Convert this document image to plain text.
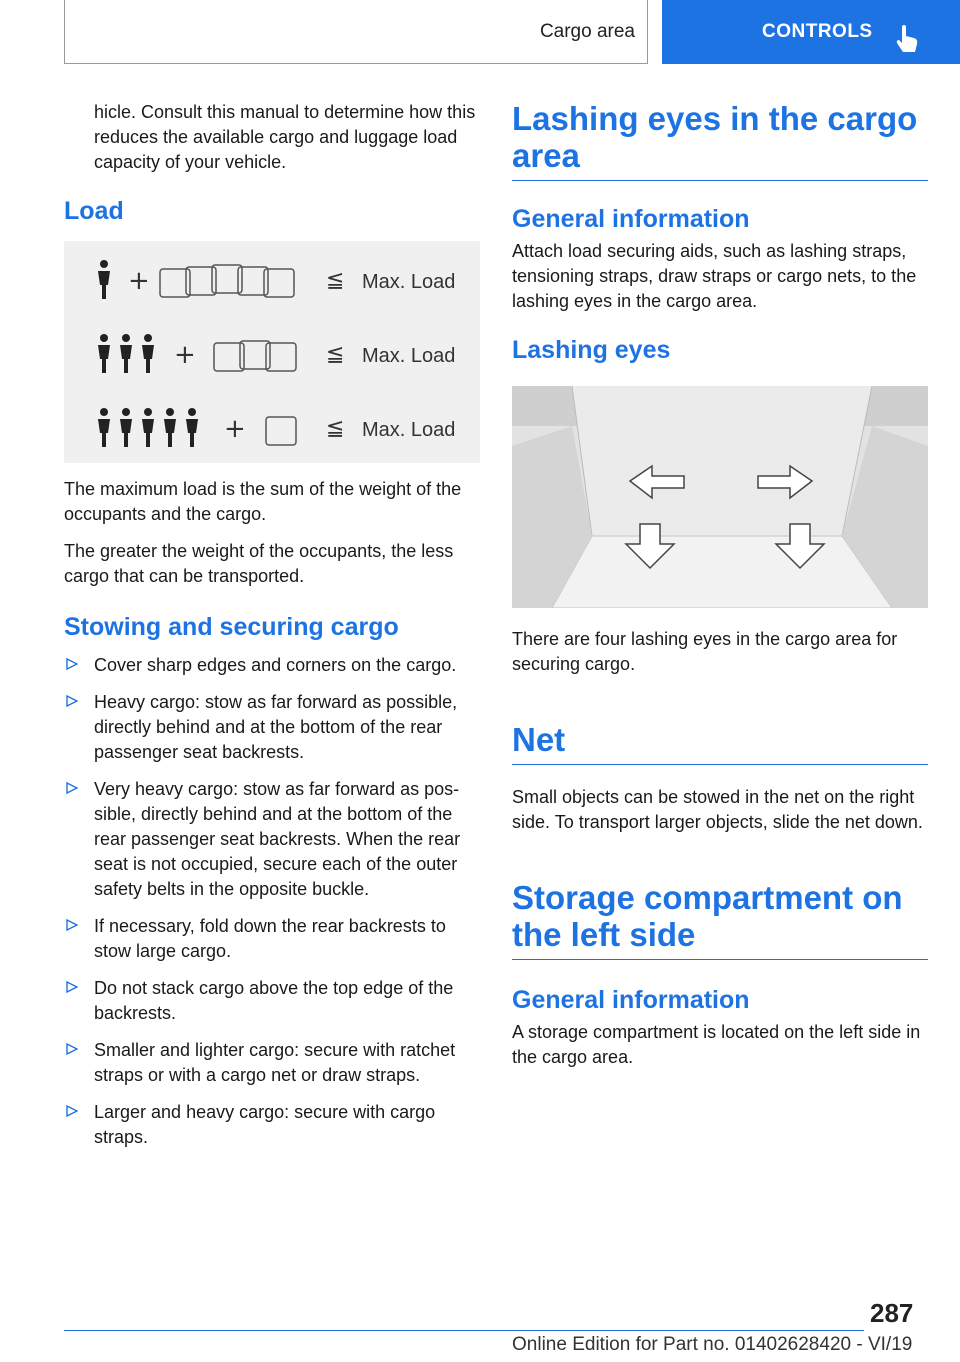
Cargo area	CONTROLS

hicle. Consult this manual to determine how this reduces the available cargo and luggage load capacity of your vehicle.

Load
+	≦ Max. Load
+	≦ Max. Load
+	≦ Max. Load

The maximum load is the sum of the weight of the occupants and the cargo.

The greater the weight of the occupants, the less cargo that can be transported.

Stowing and securing cargo
Cover sharp edges and corners on the cargo.
Heavy cargo: stow as far forward as possible, directly behind and at the bottom of the rear passenger seat backrests.
Very heavy cargo: stow as far forward as pos‐sible, directly behind and at the bottom of the rear passenger seat backrests. When the rear seat is not occupied, secure each of the outer safety belts in the opposite buckle.
If necessary, fold down the rear backrests to stow large cargo.
Do not stack cargo above the top edge of the backrests.
Smaller and lighter cargo: secure with ratchet straps or with a cargo net or draw straps.
Larger and heavy cargo: secure with cargo straps.
Lashing eyes in the cargo area
General information

Attach load securing aids, such as lashing straps, tensioning straps, draw straps or cargo nets, to the lashing eyes in the cargo area.

Lashing eyes

There are four lashing eyes in the cargo area for securing cargo.

Net

Small objects can be stowed in the net on the right side. To transport larger objects, slide the net down.

Storage compartment on the left side
General information

A storage compartment is located on the left side in the cargo area.

287
Online Edition for Part no. 01402628420 - VI/19
